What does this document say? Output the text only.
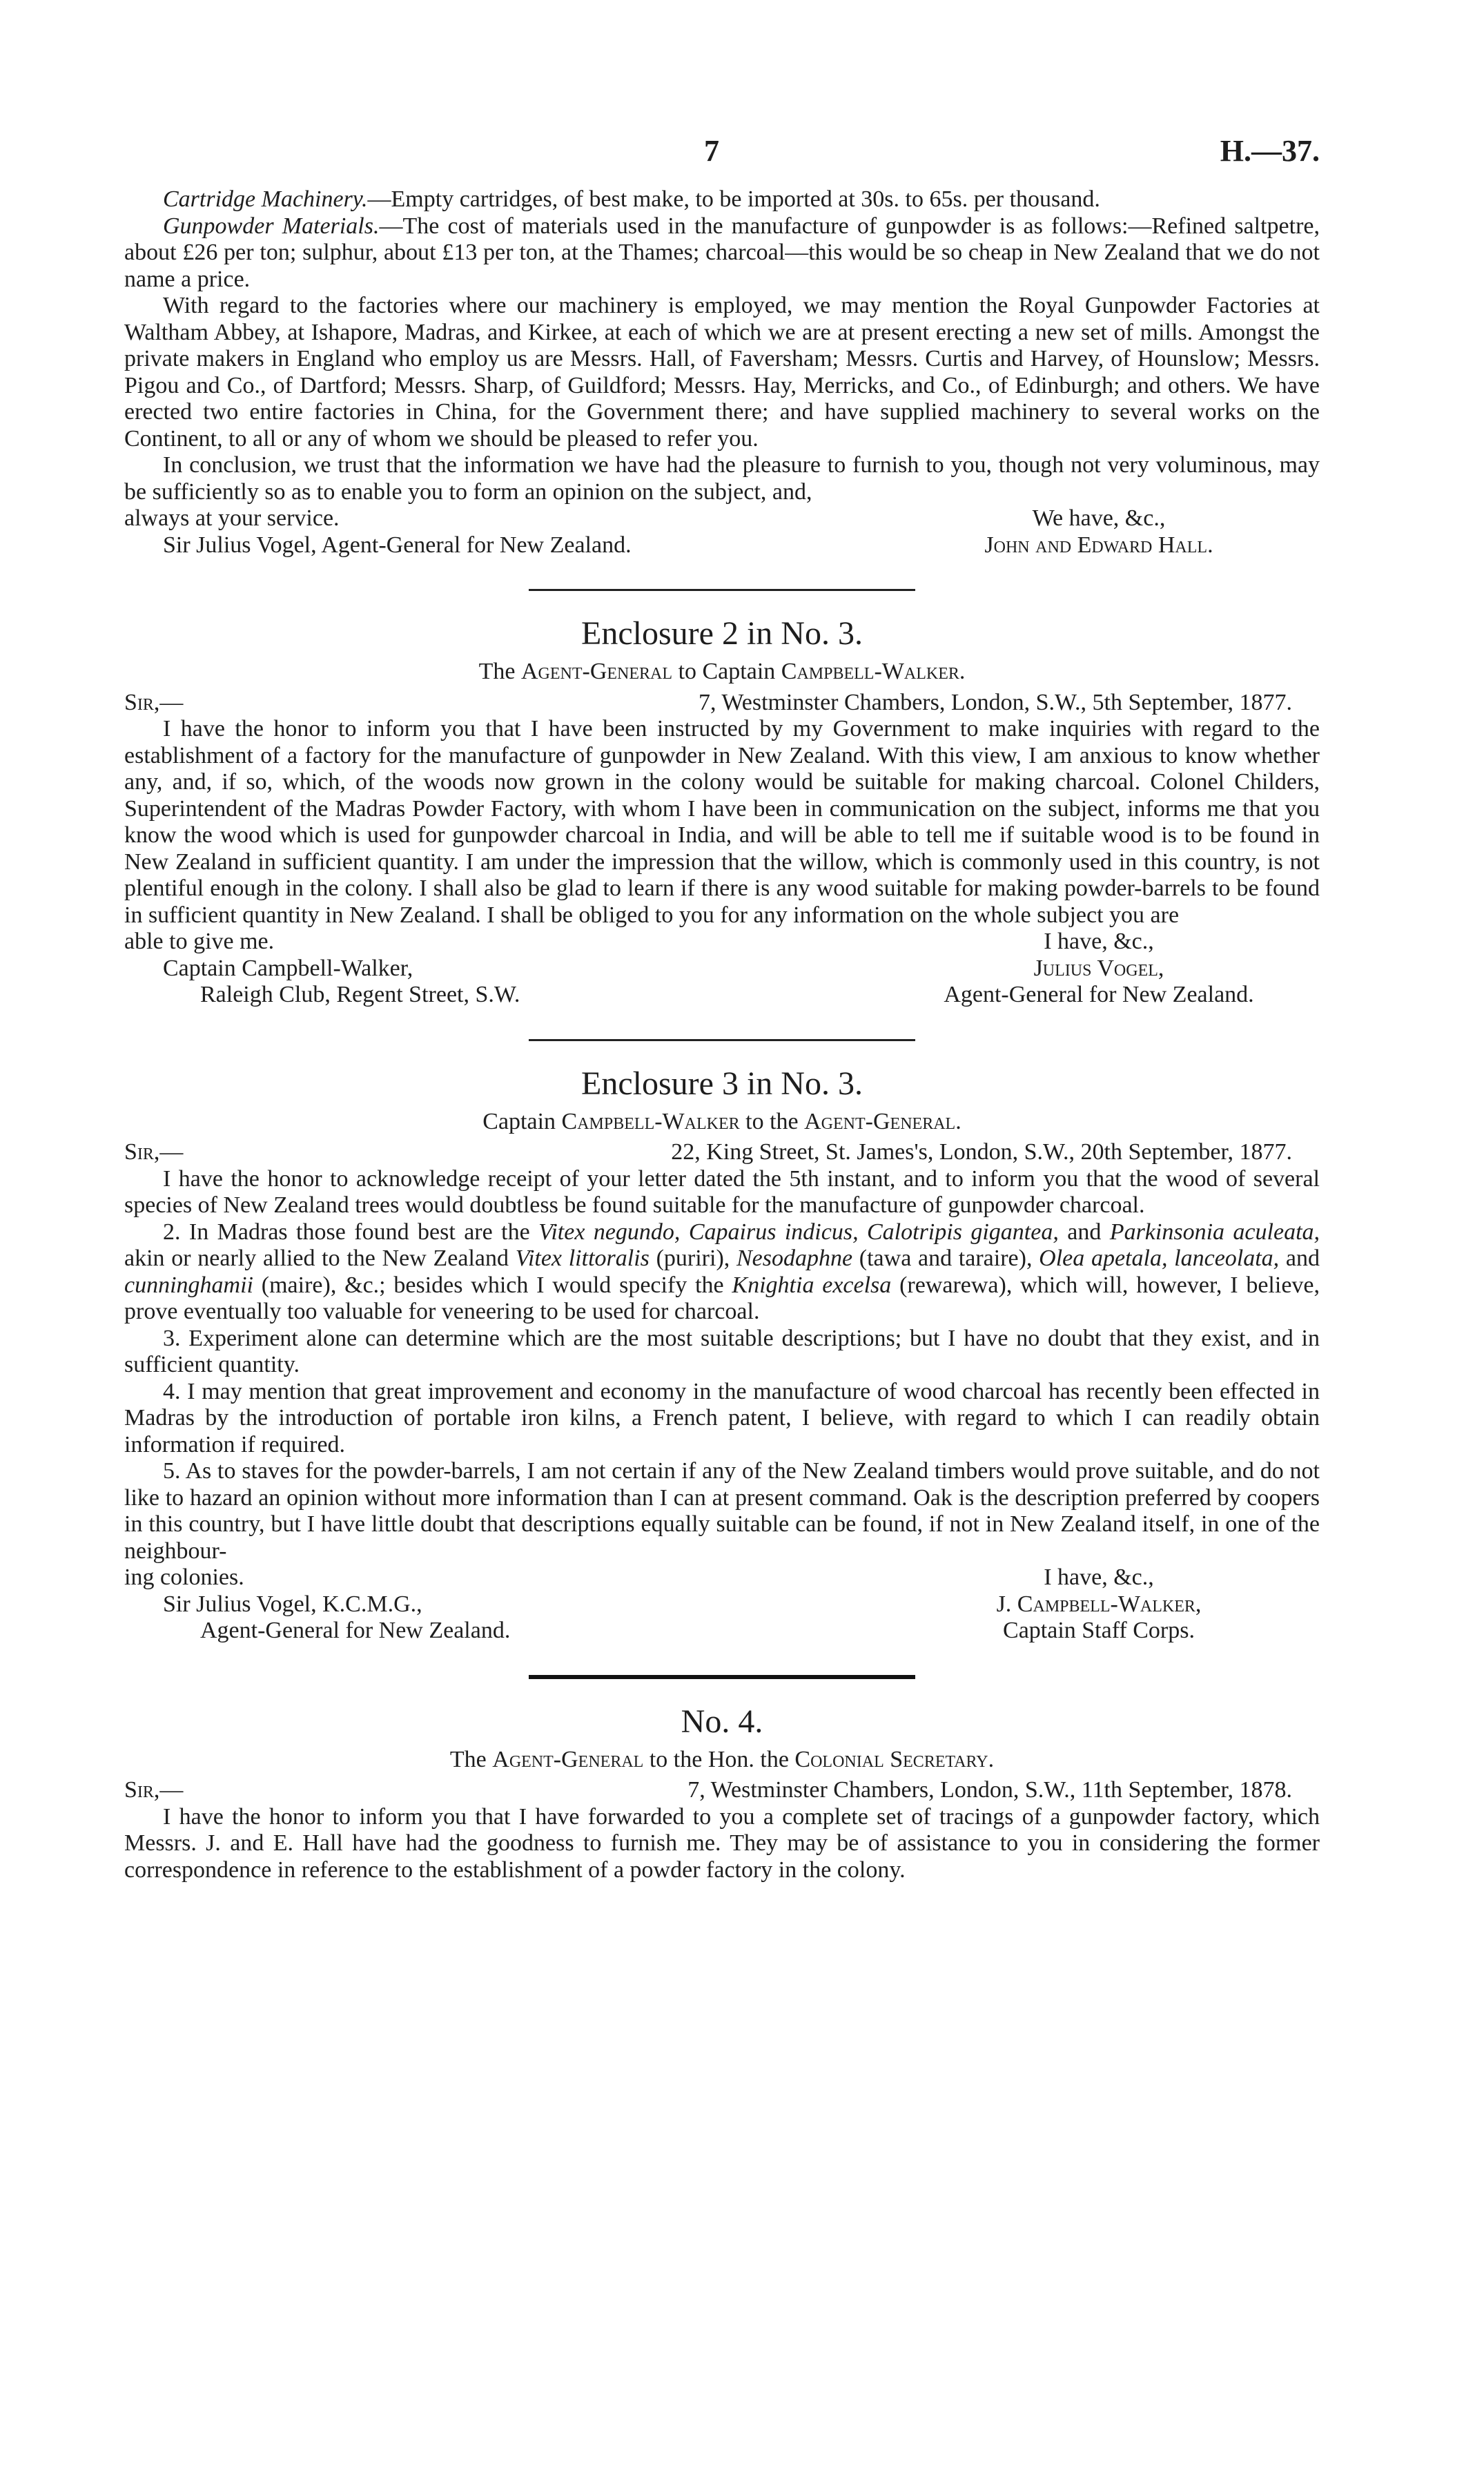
7	H.—37.

Cartridge Machinery.—Empty cartridges, of best make, to be imported at 30s. to 65s. per thousand.

Gunpowder Materials.—The cost of materials used in the manufacture of gunpowder is as follows:—Refined saltpetre, about £26 per ton; sulphur, about £13 per ton, at the Thames; charcoal—this would be so cheap in New Zealand that we do not name a price.

With regard to the factories where our machinery is employed, we may mention the Royal Gunpowder Factories at Waltham Abbey, at Ishapore, Madras, and Kirkee, at each of which we are at present erecting a new set of mills. Amongst the private makers in England who employ us are Messrs. Hall, of Faversham; Messrs. Curtis and Harvey, of Hounslow; Messrs. Pigou and Co., of Dartford; Messrs. Sharp, of Guildford; Messrs. Hay, Merricks, and Co., of Edinburgh; and others. We have erected two entire factories in China, for the Government there; and have supplied machinery to several works on the Continent, to all or any of whom we should be pleased to refer you.

In conclusion, we trust that the information we have had the pleasure to furnish to you, though not very voluminous, may be sufficiently so as to enable you to form an opinion on the subject, and,

always at your service.	We have, &c.,
Sir Julius Vogel, Agent-General for New Zealand.	John and Edward Hall.
Enclosure 2 in No. 3.
The Agent-General to Captain Campbell-Walker.
Sir,—	7, Westminster Chambers, London, S.W., 5th September, 1877.

I have the honor to inform you that I have been instructed by my Government to make inquiries with regard to the establishment of a factory for the manufacture of gunpowder in New Zealand. With this view, I am anxious to know whether any, and, if so, which, of the woods now grown in the colony would be suitable for making charcoal. Colonel Childers, Superintendent of the Madras Powder Factory, with whom I have been in communication on the subject, informs me that you know the wood which is used for gunpowder charcoal in India, and will be able to tell me if suitable wood is to be found in New Zealand in sufficient quantity. I am under the impression that the willow, which is commonly used in this country, is not plentiful enough in the colony. I shall also be glad to learn if there is any wood suitable for making powder-barrels to be found in sufficient quantity in New Zealand. I shall be obliged to you for any information on the whole subject you are

able to give me.	I have, &c.,
Captain Campbell-Walker,	Julius Vogel,
Raleigh Club, Regent Street, S.W.	Agent-General for New Zealand.
Enclosure 3 in No. 3.
Captain Campbell-Walker to the Agent-General.
Sir,—	22, King Street, St. James's, London, S.W., 20th September, 1877.

I have the honor to acknowledge receipt of your letter dated the 5th instant, and to inform you that the wood of several species of New Zealand trees would doubtless be found suitable for the manufacture of gunpowder charcoal.

2. In Madras those found best are the Vitex negundo, Capairus indicus, Calotripis gigantea, and Parkinsonia aculeata, akin or nearly allied to the New Zealand Vitex littoralis (puriri), Nesodaphne (tawa and taraire), Olea apetala, lanceolata, and cunninghamii (maire), &c.; besides which I would specify the Knightia excelsa (rewarewa), which will, however, I believe, prove eventually too valuable for veneering to be used for charcoal.

3. Experiment alone can determine which are the most suitable descriptions; but I have no doubt that they exist, and in sufficient quantity.

4. I may mention that great improvement and economy in the manufacture of wood charcoal has recently been effected in Madras by the introduction of portable iron kilns, a French patent, I believe, with regard to which I can readily obtain information if required.

5. As to staves for the powder-barrels, I am not certain if any of the New Zealand timbers would prove suitable, and do not like to hazard an opinion without more information than I can at present command. Oak is the description preferred by coopers in this country, but I have little doubt that descriptions equally suitable can be found, if not in New Zealand itself, in one of the neighbour-

ing colonies.	I have, &c.,
Sir Julius Vogel, K.C.M.G.,	J. Campbell-Walker,
Agent-General for New Zealand.	Captain Staff Corps.
No. 4.
The Agent-General to the Hon. the Colonial Secretary.
Sir,—	7, Westminster Chambers, London, S.W., 11th September, 1878.

I have the honor to inform you that I have forwarded to you a complete set of tracings of a gunpowder factory, which Messrs. J. and E. Hall have had the goodness to furnish me. They may be of assistance to you in considering the former correspondence in reference to the establishment of a powder factory in the colony.
